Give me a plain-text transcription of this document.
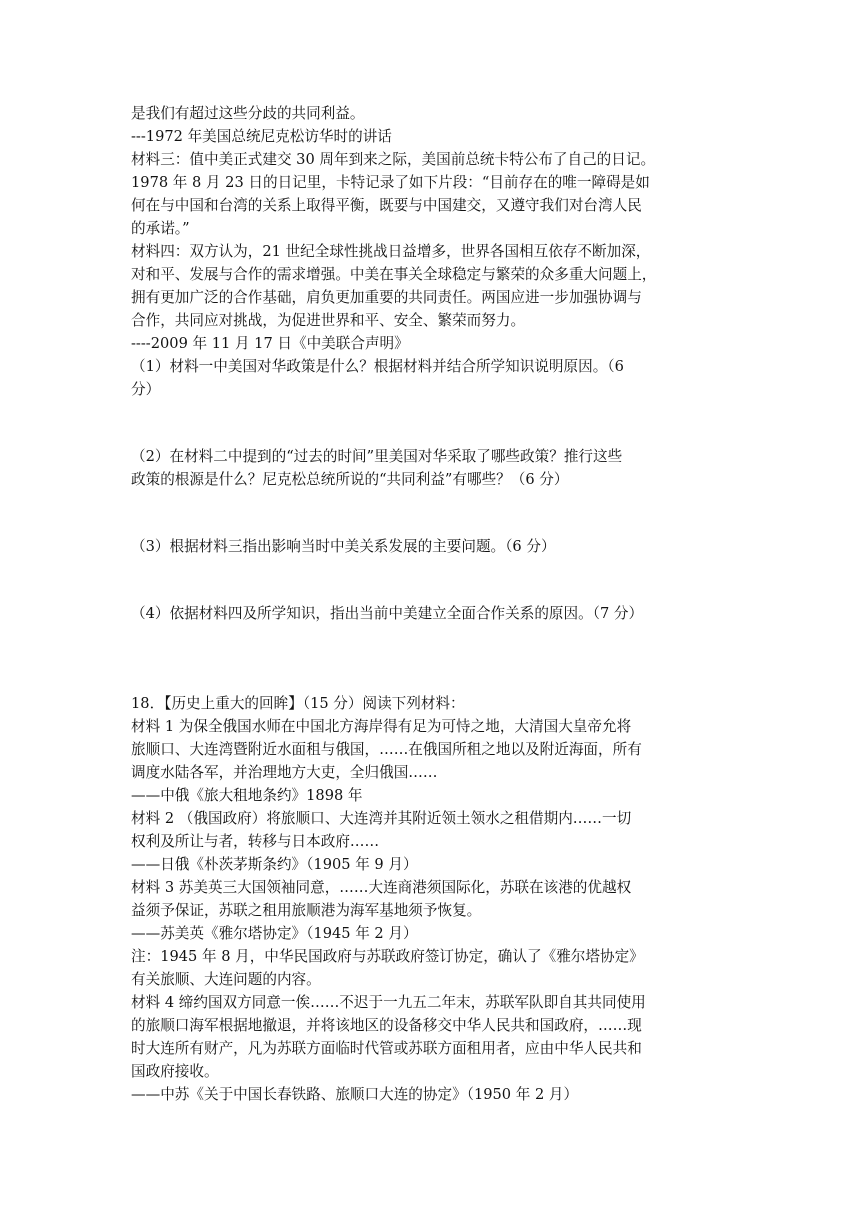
是我们有超过这些分歧的共同利益。
---1972 年美国总统尼克松访华时的讲话
材料三：值中美正式建交 30 周年到来之际，美国前总统卡特公布了自己的日记。
1978 年 8 月 23 日的日记里，卡特记录了如下片段：“目前存在的唯一障碍是如
何在与中国和台湾的关系上取得平衡，既要与中国建交，又遵守我们对台湾人民
的承诺。”
材料四：双方认为，21 世纪全球性挑战日益增多，世界各国相互依存不断加深，
对和平、发展与合作的需求增强。中美在事关全球稳定与繁荣的众多重大问题上，
拥有更加广泛的合作基础，肩负更加重要的共同责任。两国应进一步加强协调与
合作，共同应对挑战，为促进世界和平、安全、繁荣而努力。
----2009 年 11 月 17 日《中美联合声明》
（1）材料一中美国对华政策是什么？根据材料并结合所学知识说明原因。（6
分）
（2）在材料二中提到的“过去的时间”里美国对华采取了哪些政策？推行这些
政策的根源是什么？尼克松总统所说的“共同利益”有哪些？（6 分）
（3）根据材料三指出影响当时中美关系发展的主要问题。（6 分）
（4）依据材料四及所学知识，指出当前中美建立全面合作关系的原因。（7 分）
18．【历史上重大的回眸】（15 分）阅读下列材料：
材料 1 为保全俄国水师在中国北方海岸得有足为可恃之地，大清国大皇帝允将
旅顺口、大连湾暨附近水面租与俄国，……在俄国所租之地以及附近海面，所有
调度水陆各军，并治理地方大吏，全归俄国……
——中俄《旅大租地条约》1898 年
材料 2 （俄国政府）将旅顺口、大连湾并其附近领土领水之租借期内……一切
权利及所让与者，转移与日本政府……
——日俄《朴茨茅斯条约》（1905 年 9 月）
材料 3 苏美英三大国领袖同意，……大连商港须国际化，苏联在该港的优越权
益须予保证，苏联之租用旅顺港为海军基地须予恢复。
——苏美英《雅尔塔协定》（1945 年 2 月）
注：1945 年 8 月，中华民国政府与苏联政府签订协定，确认了《雅尔塔协定》
有关旅顺、大连问题的内容。
材料 4 缔约国双方同意一俟……不迟于一九五二年末，苏联军队即自其共同使用
的旅顺口海军根据地撤退，并将该地区的设备移交中华人民共和国政府，……现
时大连所有财产，凡为苏联方面临时代管或苏联方面租用者，应由中华人民共和
国政府接收。
——中苏《关于中国长春铁路、旅顺口大连的协定》（1950 年 2 月）
